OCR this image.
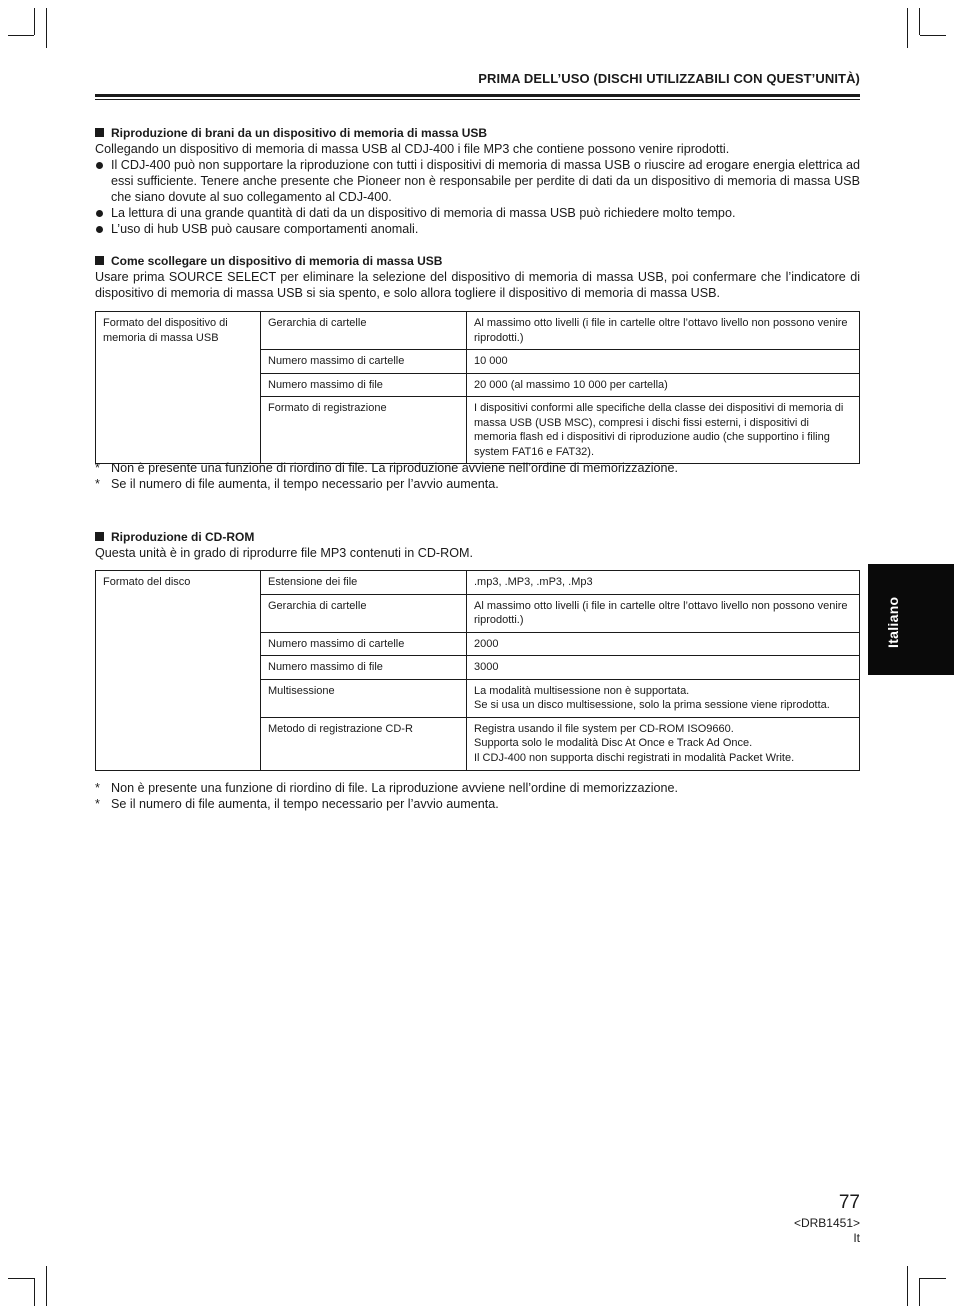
PRIMA DELL’USO (DISCHI UTILIZZABILI CON QUEST’UNITÀ)
Riproduzione di brani da un dispositivo di memoria di massa USB

Collegando un dispositivo di memoria di massa USB al CDJ-400 i file MP3 che contiene possono venire riprodotti.

Il CDJ-400 può non supportare la riproduzione con tutti i dispositivi di memoria di massa USB o riuscire ad erogare energia elettrica ad essi sufficiente. Tenere anche presente che Pioneer non è responsabile per perdite di dati da un dispositivo di memoria di massa USB che siano dovute al suo collegamento al CDJ-400.
La lettura di una grande quantità di dati da un dispositivo di memoria di massa USB può richiedere molto tempo.
L’uso di hub USB può causare comportamenti anomali.
Come scollegare un dispositivo di memoria di massa USB

Usare prima SOURCE SELECT per eliminare la selezione del dispositivo di memoria di massa USB, poi confermare che l’indicatore di dispositivo di memoria di massa USB si sia spento, e solo allora togliere il dispositivo di memoria di massa USB.

Formato del dispositivo di memoria di massa USB	Gerarchia di cartelle	Al massimo otto livelli (i file in cartelle oltre l’ottavo livello non possono venire riprodotti.)
	Numero massimo di cartelle	10 000
	Numero massimo di file	20 000 (al massimo 10 000 per cartella)
	Formato di registrazione	I dispositivi conformi alle specifiche della classe dei dispositivi di memoria di massa USB (USB MSC), compresi i dischi fissi esterni, i dispositivi di memoria flash ed i dispositivi di riproduzione audio (che supportino i filing system FAT16 e FAT32).
* Non è presente una funzione di riordino di file. La riproduzione avviene nell’ordine di memorizzazione.
* Se il numero di file aumenta, il tempo necessario per l’avvio aumenta.
Riproduzione di CD-ROM

Questa unità è in grado di riprodurre file MP3 contenuti in CD-ROM.

Formato del disco	Estensione dei file	.mp3, .MP3, .mP3, .Mp3
	Gerarchia di cartelle	Al massimo otto livelli (i file in cartelle oltre l’ottavo livello non possono venire riprodotti.)
	Numero massimo di cartelle	2000
	Numero massimo di file	3000
	Multisessione	La modalità multisessione non è supportata.
Se si usa un disco multisessione, solo la prima sessione viene riprodotta.

	Metodo di registrazione CD-R	Registra usando il file system per CD-ROM ISO9660.
Supporta solo le modalità Disc At Once e Track Ad Once.
Il CDJ-400 non supporta dischi registrati in modalità Packet Write.
* Non è presente una funzione di riordino di file. La riproduzione avviene nell’ordine di memorizzazione.
* Se il numero di file aumenta, il tempo necessario per l’avvio aumenta.
Italiano
77
<DRB1451>
It
